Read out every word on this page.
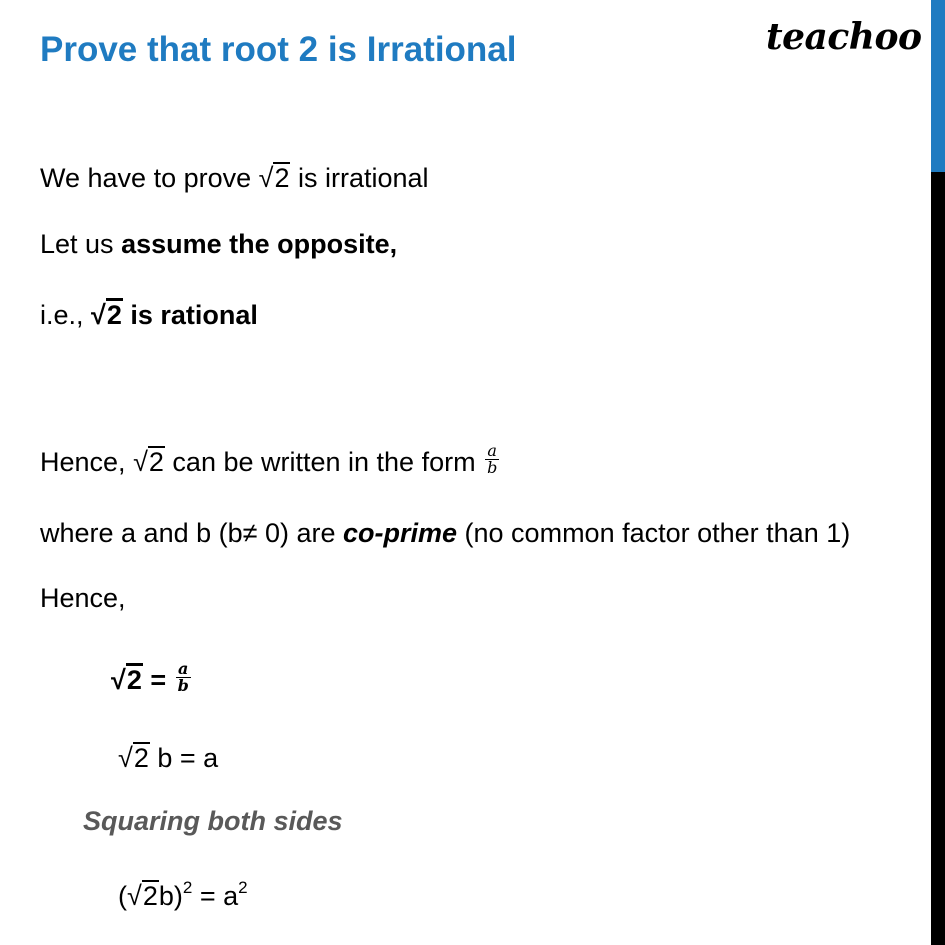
Prove that root 2 is Irrational	teachoo
We have to prove √2 is irrational
Let us assume the opposite,
i.e., √2 is rational
Hence, √2 can be written in the form $\frac{a}{b}$
where a and b (b≠ 0) are co-prime (no common factor other than 1)
Hence,
$√2 = \frac{a}{b}$
√2 b = a
Squaring both sides
$(√2b)^2 = a^2$
